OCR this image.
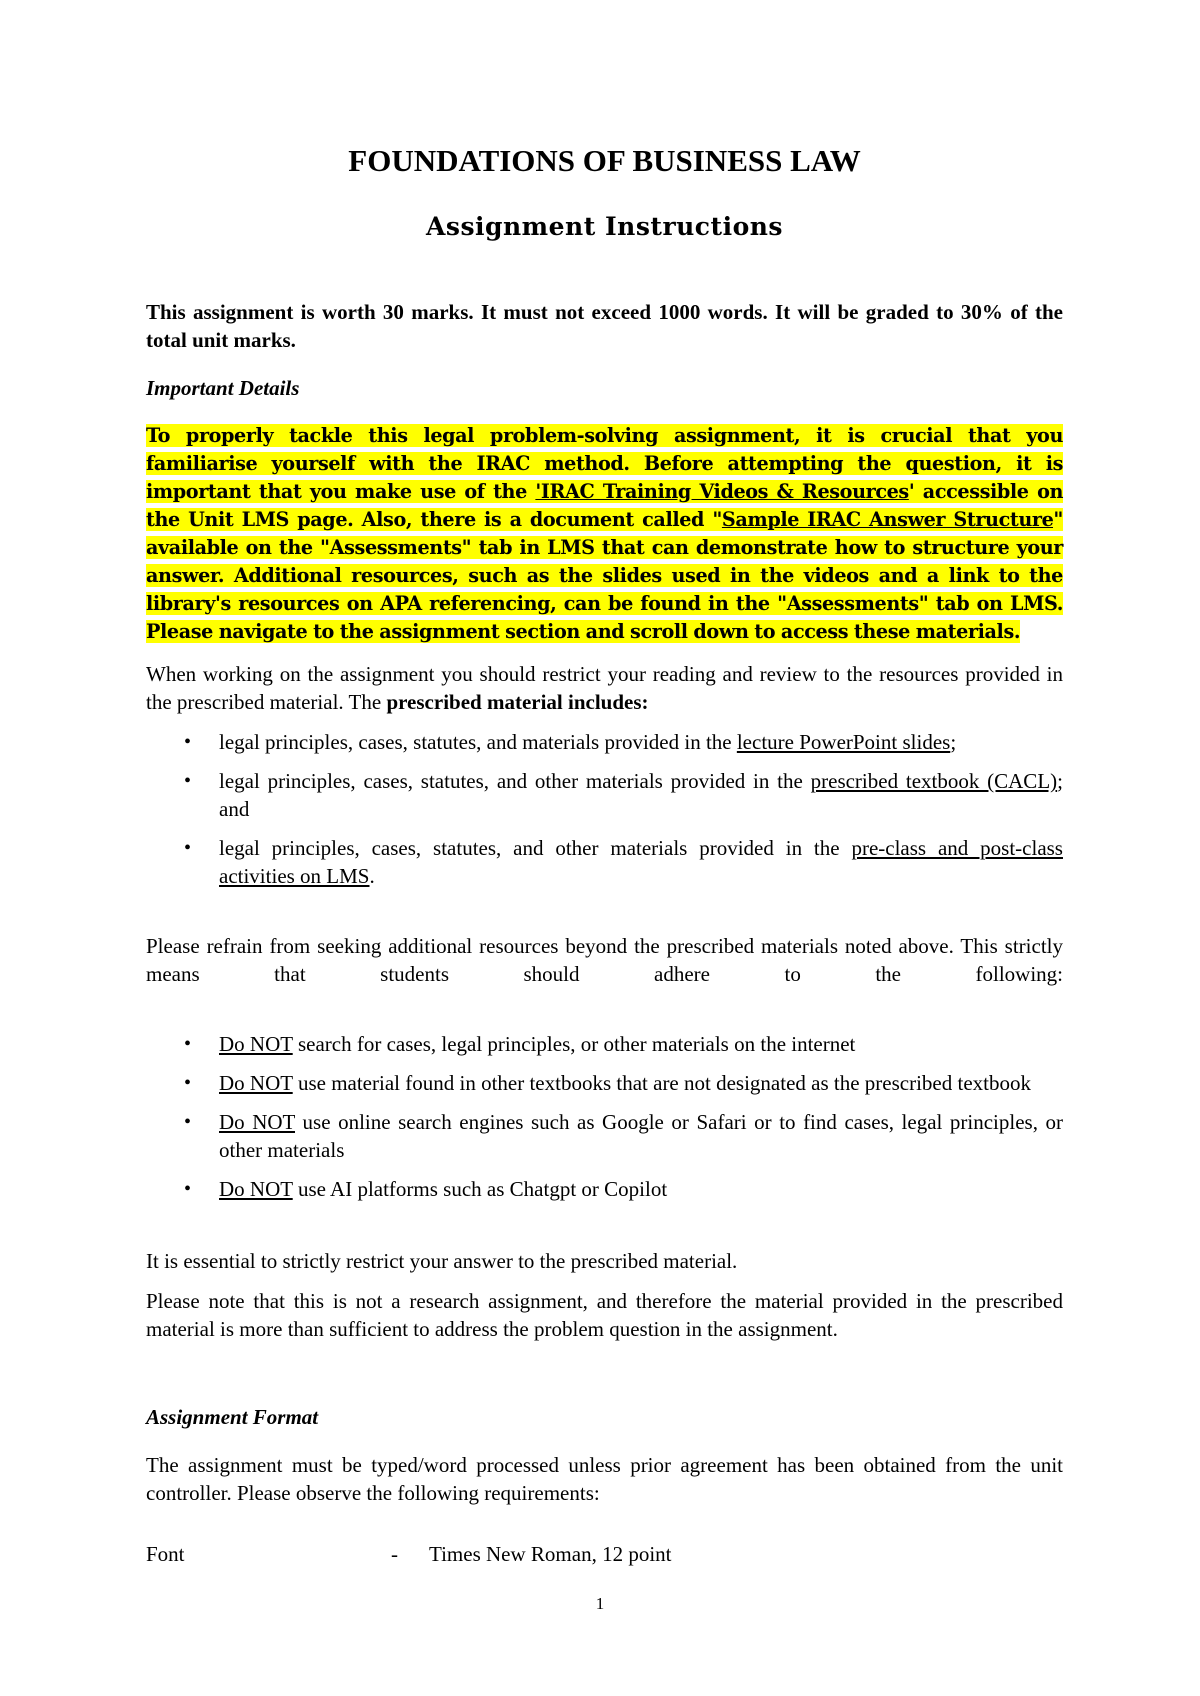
FOUNDATIONS OF BUSINESS LAW
Assignment Instructions
This assignment is worth 30 marks. It must not exceed 1000 words. It will be graded to 30% of the total unit marks.
Important Details
To properly tackle this legal problem-solving assignment, it is crucial that you familiarise yourself with the IRAC method. Before attempting the question, it is important that you make use of the 'IRAC Training Videos & Resources' accessible on the Unit LMS page. Also, there is a document called "Sample IRAC Answer Structure" available on the "Assessments" tab in LMS that can demonstrate how to structure your answer. Additional resources, such as the slides used in the videos and a link to the library's resources on APA referencing, can be found in the "Assessments" tab on LMS. Please navigate to the assignment section and scroll down to access these materials.
When working on the assignment you should restrict your reading and review to the resources provided in the prescribed material. The prescribed material includes:
• legal principles, cases, statutes, and materials provided in the lecture PowerPoint slides;
• legal principles, cases, statutes, and other materials provided in the prescribed textbook (CACL); and
• legal principles, cases, statutes, and other materials provided in the pre-class and post-class activities on LMS.
Please refrain from seeking additional resources beyond the prescribed materials noted above. This strictly means that students should adhere to the following:
• Do NOT search for cases, legal principles, or other materials on the internet
• Do NOT use material found in other textbooks that are not designated as the prescribed textbook
• Do NOT use online search engines such as Google or Safari or to find cases, legal principles, or other materials
• Do NOT use AI platforms such as Chatgpt or Copilot
It is essential to strictly restrict your answer to the prescribed material.
Please note that this is not a research assignment, and therefore the material provided in the prescribed material is more than sufficient to address the problem question in the assignment.
Assignment Format
The assignment must be typed/word processed unless prior agreement has been obtained from the unit controller. Please observe the following requirements:
Font	- Times New Roman, 12 point
1
